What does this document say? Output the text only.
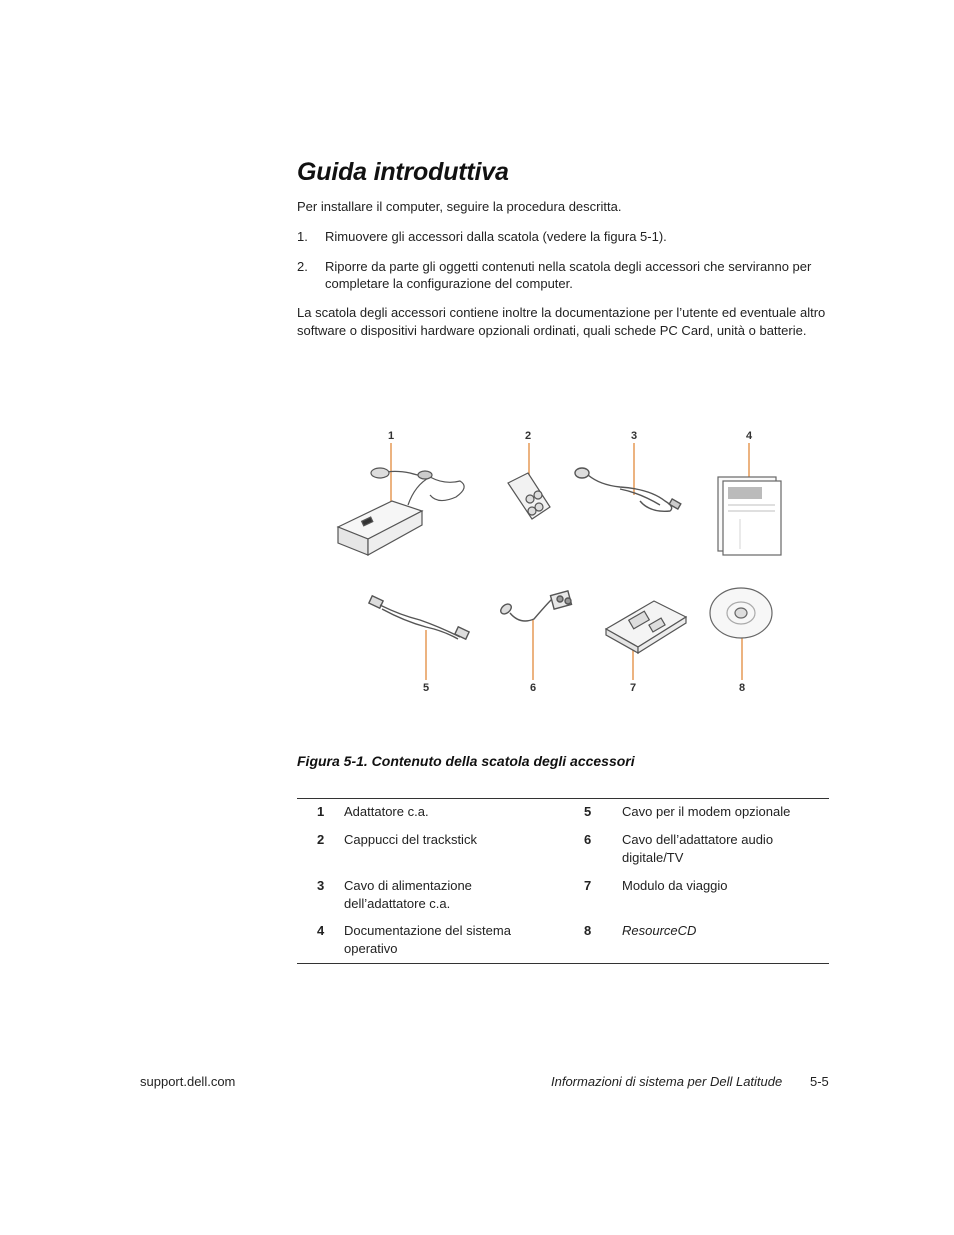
Guida introduttiva
Per installare il computer, seguire la procedura descritta.
1. Rimuovere gli accessori dalla scatola (vedere la figura 5-1).
2. Riporre da parte gli oggetti contenuti nella scatola degli accessori che serviranno per completare la configurazione del computer.
La scatola degli accessori contiene inoltre la documentazione per l’utente ed eventuale altro software o dispositivi hardware opzionali ordinati, quali schede PC Card, unità o batterie.
1	2	3	4
5	6	7	8
Figura 5-1. Contenuto della scatola degli accessori
1 Adattatore c.a.
2 Cappucci del trackstick
3 Cavo di alimentazione dell’adattatore c.a.
4 Documentazione del sistema operativo
5 Cavo per il modem opzionale
6 Cavo dell’adattatore audio digitale/TV
7 Modulo da viaggio
8 ResourceCD
support.dell.com	Informazioni di sistema per Dell Latitude 5-5
